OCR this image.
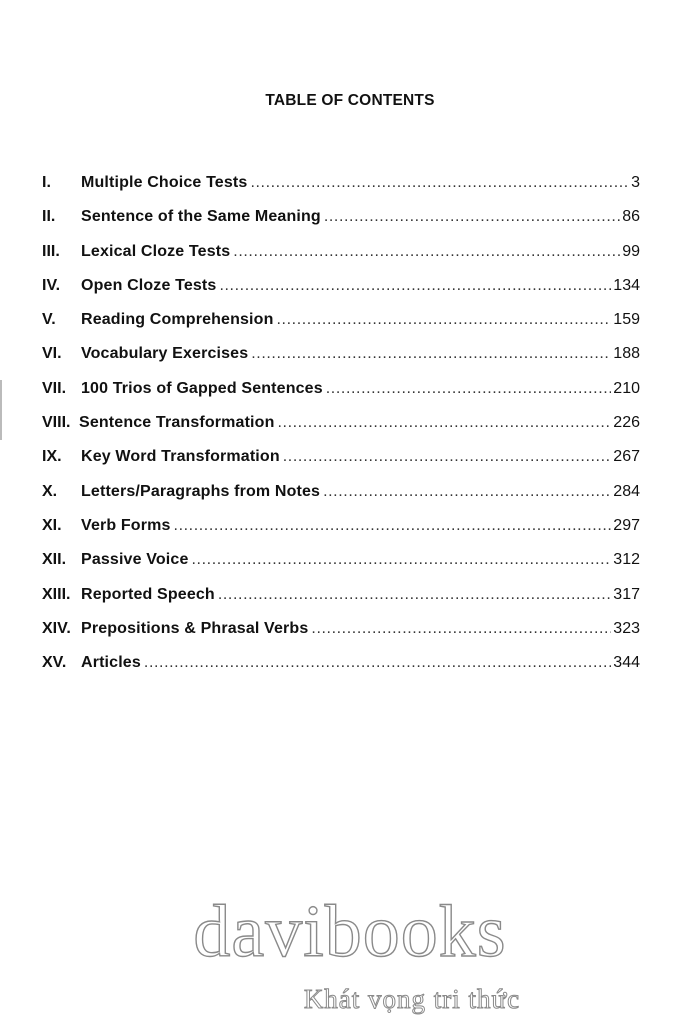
TABLE OF CONTENTS
I.	Multiple Choice Tests .....	3
II.	Sentence of the Same Meaning .....	86
III.	Lexical Cloze Tests .....	99
IV.	Open Cloze Tests .....	134
V.	Reading Comprehension .....	159
VI.	Vocabulary Exercises .....	188
VII. 100 Trios of Gapped Sentences .....	210
VIII. Sentence Transformation .....	226
IX.	Key Word Transformation .....	267
X.	Letters/Paragraphs from Notes .....	284
XI.	Verb Forms .....	297
XII. Passive Voice .....	312
XIII. Reported Speech .....	317
XIV. Prepositions & Phrasal Verbs .....	323
XV. Articles .....	344
davibooks
Khát vọng tri thức
